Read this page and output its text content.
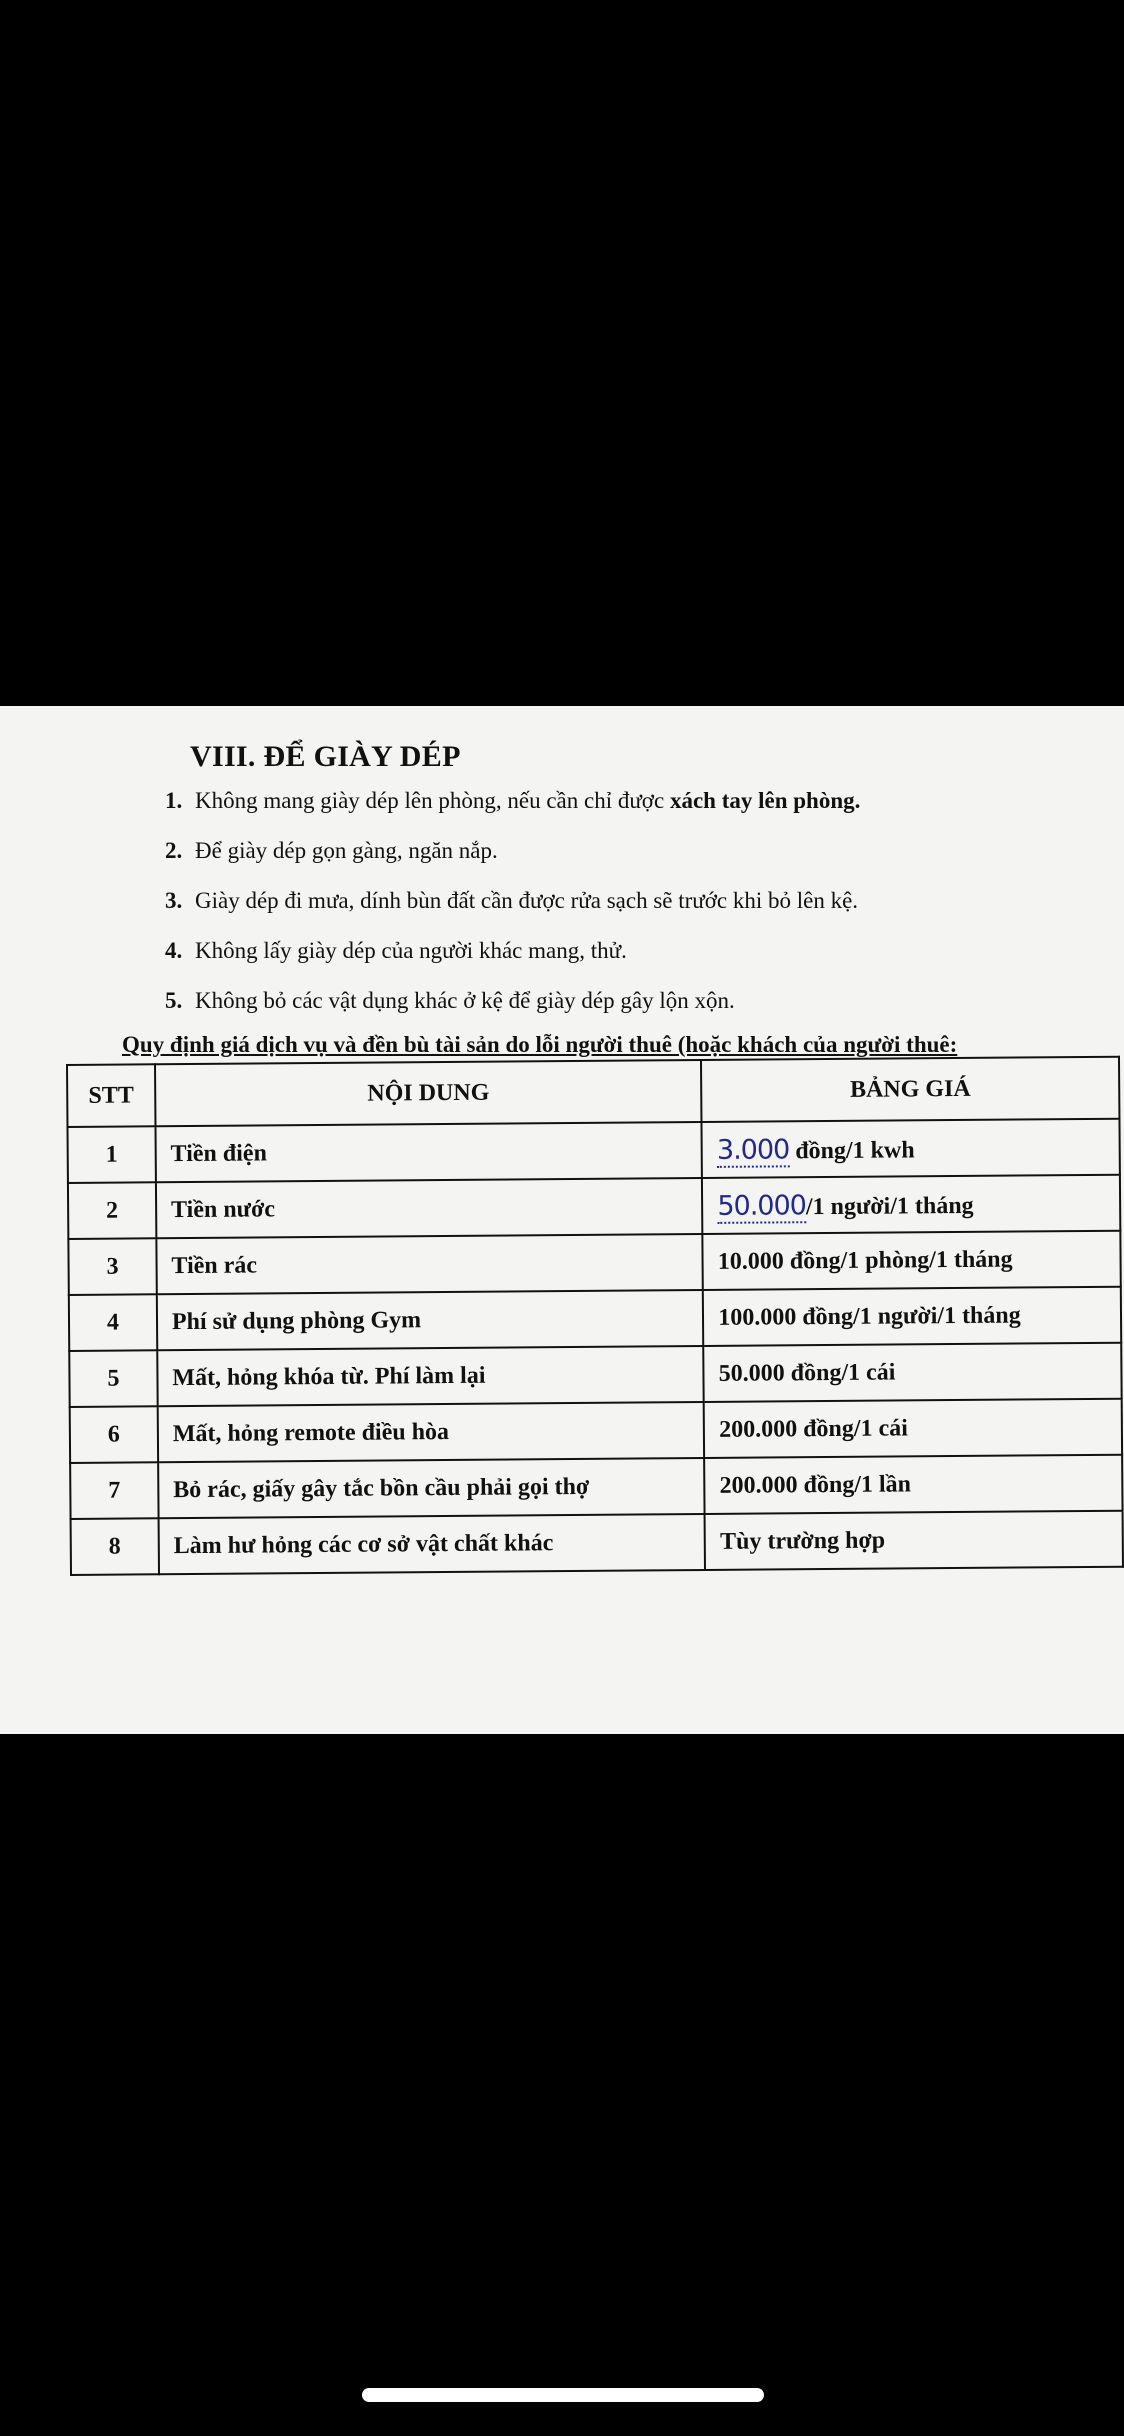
VIII. ĐỂ GIÀY DÉP
1. Không mang giày dép lên phòng, nếu cần chỉ được xách tay lên phòng.
2. Để giày dép gọn gàng, ngăn nắp.
3. Giày dép đi mưa, dính bùn đất cần được rửa sạch sẽ trước khi bỏ lên kệ.
4. Không lấy giày dép của người khác mang, thử.
5. Không bỏ các vật dụng khác ở kệ để giày dép gây lộn xộn.
Quy định giá dịch vụ và đền bù tài sản do lỗi người thuê (hoặc khách của người thuê:
STT	NỘI DUNG	BẢNG GIÁ
1	Tiền điện	3.000 đồng/1 kwh
2	Tiền nước	50.000/1 người/1 tháng
3	Tiền rác	10.000 đồng/1 phòng/1 tháng
4	Phí sử dụng phòng Gym	100.000 đồng/1 người/1 tháng
5	Mất, hỏng khóa từ. Phí làm lại	50.000 đồng/1 cái
6	Mất, hỏng remote điều hòa	200.000 đồng/1 cái
7	Bỏ rác, giấy gây tắc bồn cầu phải gọi thợ	200.000 đồng/1 lần
8	Làm hư hỏng các cơ sở vật chất khác	Tùy trường hợp
